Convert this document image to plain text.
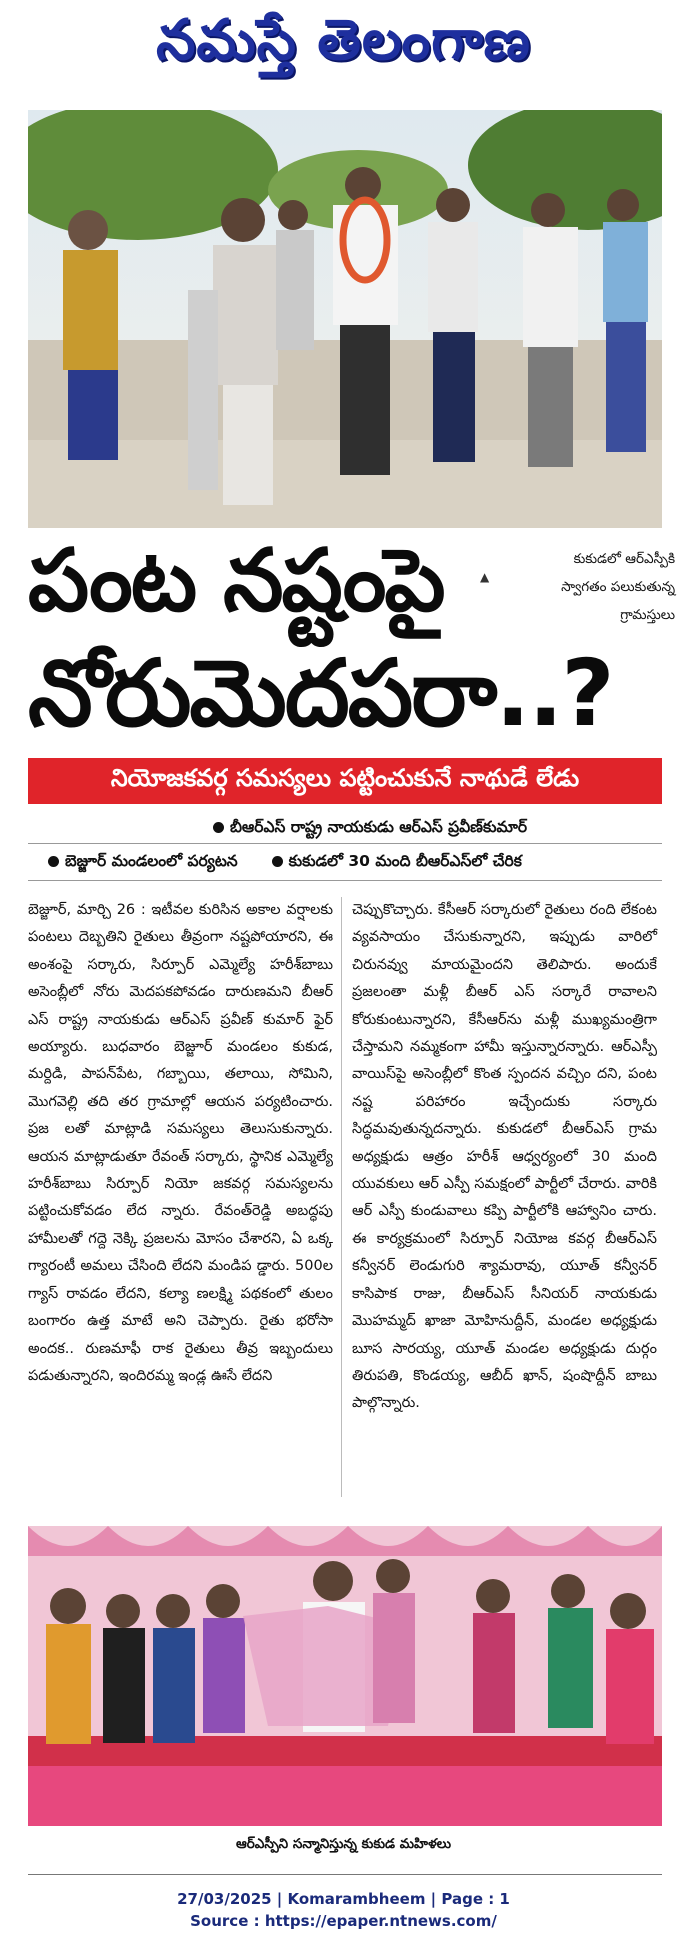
నమస్తే తెలంగాణ
▲
కుకుడలో ఆర్‌ఎస్పీకి
స్వాగతం పలుకుతున్న
గ్రామస్తులు
పంట నష్టంపై
నోరుమెదపరా..?
నియోజకవర్గ సమస్యలు పట్టించుకునే నాథుడే లేడు
బీఆర్‌ఎస్‌ రాష్ట్ర నాయకుడు ఆర్‌ఎస్‌ ప్రవీణ్‌కుమార్‌
బెజ్జూర్‌ మండలంలో పర్యటన	కుకుడలో 30 మంది బీఆర్‌ఎస్‌లో చేరిక
బెజ్జూర్‌, మార్చి 26 : ఇటీవల కురిసిన అకాల వర్షాలకు పంటలు దెబ్బతిని రైతులు తీవ్రంగా నష్టపోయారని, ఈ అంశంపై సర్కారు, సిర్పూర్‌ ఎమ్మెల్యే హరీశ్‌బాబు అసెంబ్లీలో నోరు మెదపకపోవడం దారుణమని బీఆర్‌ ఎస్‌ రాష్ట్ర నాయకుడు ఆర్‌ఎస్‌ ప్రవీణ్‌ కుమార్‌ ఫైర్‌ అయ్యారు. బుధవారం బెజ్జూర్‌ మండలం కుకుడ, మర్దిడి, పాపన్‌పేట, గబ్బాయి, తలాయి, సోమిని, మొగవెల్లి తది తర గ్రామాల్లో ఆయన పర్యటించారు. ప్రజ లతో మాట్లాడి సమస్యలు తెలుసుకున్నారు. ఆయన మాట్లాడుతూ రేవంత్‌ సర్కారు, స్థానిక ఎమ్మెల్యే హరీశ్‌బాబు సిర్పూర్‌ నియో జకవర్గ సమస్యలను పట్టించుకోవడం లేద న్నారు. రేవంత్‌రెడ్డి అబద్ధపు హామీలతో గద్దె నెక్కి ప్రజలను మోసం చేశారని, ఏ ఒక్క గ్యారంటీ అమలు చేసింది లేదని మండిప డ్డారు. 500ల గ్యాస్‌ రావడం లేదని, కల్యా ణలక్ష్మి పథకంలో తులం బంగారం ఉత్త మాటే అని చెప్పారు. రైతు భరోసా అందక.. రుణమాఫీ రాక రైతులు తీవ్ర ఇబ్బందులు పడుతున్నారని, ఇందిరమ్మ ఇండ్ల ఊసే లేదని
చెప్పుకొచ్చారు. కేసీఆర్‌ సర్కారులో రైతులు రంది లేకంట వ్యవసాయం చేసుకున్నారని, ఇప్పుడు వారిలో చిరునవ్వు మాయమైందని తెలిపారు. అందుకే ప్రజలంతా మళ్లీ బీఆర్‌ ఎస్‌ సర్కారే రావాలని కోరుకుంటున్నారని, కేసీఆర్‌ను మళ్లీ ముఖ్యమంత్రిగా చేస్తామని నమ్మకంగా హామీ ఇస్తున్నారన్నారు. ఆర్‌ఎస్పీ వాయిస్‌పై అసెంబ్లీలో కొంత స్పందన వచ్చిం దని, పంట నష్ట పరిహారం ఇచ్చేందుకు సర్కారు సిద్ధమవుతున్నదన్నారు. కుకుడలో బీఆర్‌ఎస్‌ గ్రామ అధ్యక్షుడు ఆత్రం హరీశ్‌ ఆధ్వర్యంలో 30 మంది యువకులు ఆర్‌ ఎస్పీ సమక్షంలో పార్టీలో చేరారు. వారికి ఆర్‌ ఎస్పీ కుండువాలు కప్పి పార్టీలోకి ఆహ్వానిం చారు. ఈ కార్యక్రమంలో సిర్పూర్‌ నియోజ కవర్గ బీఆర్‌ఎస్‌ కన్వీనర్‌ లెండుగురి శ్యామరావు, యూత్‌ కన్వీనర్‌ కాసిపాక రాజు, బీఆర్‌ఎస్‌ సీనియర్‌ నాయకుడు మొహమ్మద్‌ ఖాజా మోహినుద్దీన్‌, మండల అధ్యక్షుడు బూస సారయ్య, యూత్‌ మండల అధ్యక్షుడు దుర్గం తిరుపతి, కొండయ్య, ఆబీద్‌ ఖాన్‌, షంషొద్దీన్‌ బాబు పాల్గొన్నారు.
ఆర్‌ఎస్పీని సన్మానిస్తున్న కుకుడ మహిళలు
27/03/2025 | Komarambheem | Page : 1
Source : https://epaper.ntnews.com/
